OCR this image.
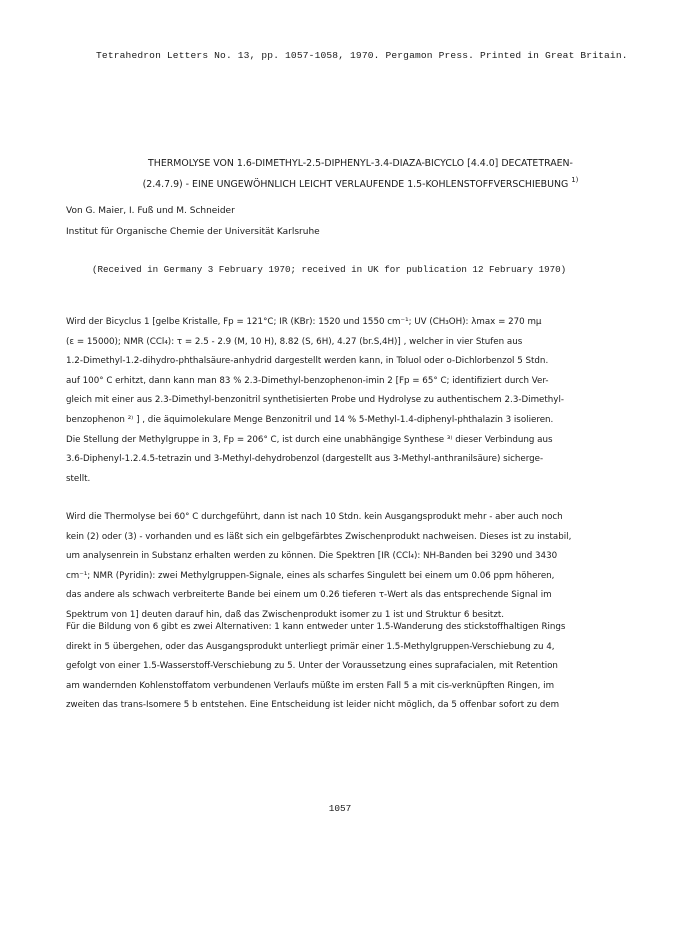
Tetrahedron Letters No. 13, pp. 1057-1058, 1970. Pergamon Press. Printed in Great Britain.
THERMOLYSE VON 1.6-DIMETHYL-2.5-DIPHENYL-3.4-DIAZA-BICYCLO [4.4.0] DECATETRAEN-
(2.4.7.9) - EINE UNGEWÖHNLICH LEICHT VERLAUFENDE 1.5-KOHLENSTOFFVERSCHIEBUNG $^{1)}$
Von G. Maier, I. Fuß und M. Schneider
Institut für Organische Chemie der Universität Karlsruhe
(Received in Germany 3 February 1970; received in UK for publication 12 February 1970)
Wird der Bicyclus 1 [gelbe Kristalle, Fp = 121°C; IR (KBr): 1520 und 1550 cm⁻¹; UV (CH₃OH): λmax = 270 mμ
(ε = 15000); NMR (CCl₄): τ = 2.5 - 2.9 (M, 10 H), 8.82 (S, 6H), 4.27 (br.S,4H)] , welcher in vier Stufen aus
1.2-Dimethyl-1.2-dihydro-phthalsäure-anhydrid dargestellt werden kann, in Toluol oder o-Dichlorbenzol 5 Stdn.
auf 100° C erhitzt, dann kann man 83 % 2.3-Dimethyl-benzophenon-imin 2 [Fp = 65° C; identifiziert durch Ver-
gleich mit einer aus 2.3-Dimethyl-benzonitril synthetisierten Probe und Hydrolyse zu authentischem 2.3-Dimethyl-
benzophenon ²⁾ ] , die äquimolekulare Menge Benzonitril und 14 % 5-Methyl-1.4-diphenyl-phthalazin 3 isolieren.
Die Stellung der Methylgruppe in 3, Fp = 206° C, ist durch eine unabhängige Synthese ³⁾ dieser Verbindung aus
3.6-Diphenyl-1.2.4.5-tetrazin und 3-Methyl-dehydrobenzol (dargestellt aus 3-Methyl-anthranilsäure) sicherge-
stellt.
Wird die Thermolyse bei 60° C durchgeführt, dann ist nach 10 Stdn. kein Ausgangsprodukt mehr - aber auch noch
kein (2) oder (3) - vorhanden und es läßt sich ein gelbgefärbtes Zwischenprodukt nachweisen. Dieses ist zu instabil,
um analysenrein in Substanz erhalten werden zu können. Die Spektren [IR (CCl₄): NH-Banden bei 3290 und 3430
cm⁻¹; NMR (Pyridin): zwei Methylgruppen-Signale, eines als scharfes Singulett bei einem um 0.06 ppm höheren,
das andere als schwach verbreiterte Bande bei einem um 0.26 tieferen τ-Wert als das entsprechende Signal im
Spektrum von 1] deuten darauf hin, daß das Zwischenprodukt isomer zu 1 ist und Struktur 6 besitzt.
Für die Bildung von 6 gibt es zwei Alternativen: 1 kann entweder unter 1.5-Wanderung des stickstoffhaltigen Rings
direkt in 5 übergehen, oder das Ausgangsprodukt unterliegt primär einer 1.5-Methylgruppen-Verschiebung zu 4,
gefolgt von einer 1.5-Wasserstoff-Verschiebung zu 5. Unter der Voraussetzung eines suprafacialen, mit Retention
am wandernden Kohlenstoffatom verbundenen Verlaufs müßte im ersten Fall 5 a mit cis-verknüpften Ringen, im
zweiten das trans-Isomere 5 b entstehen. Eine Entscheidung ist leider nicht möglich, da 5 offenbar sofort zu dem
1057
